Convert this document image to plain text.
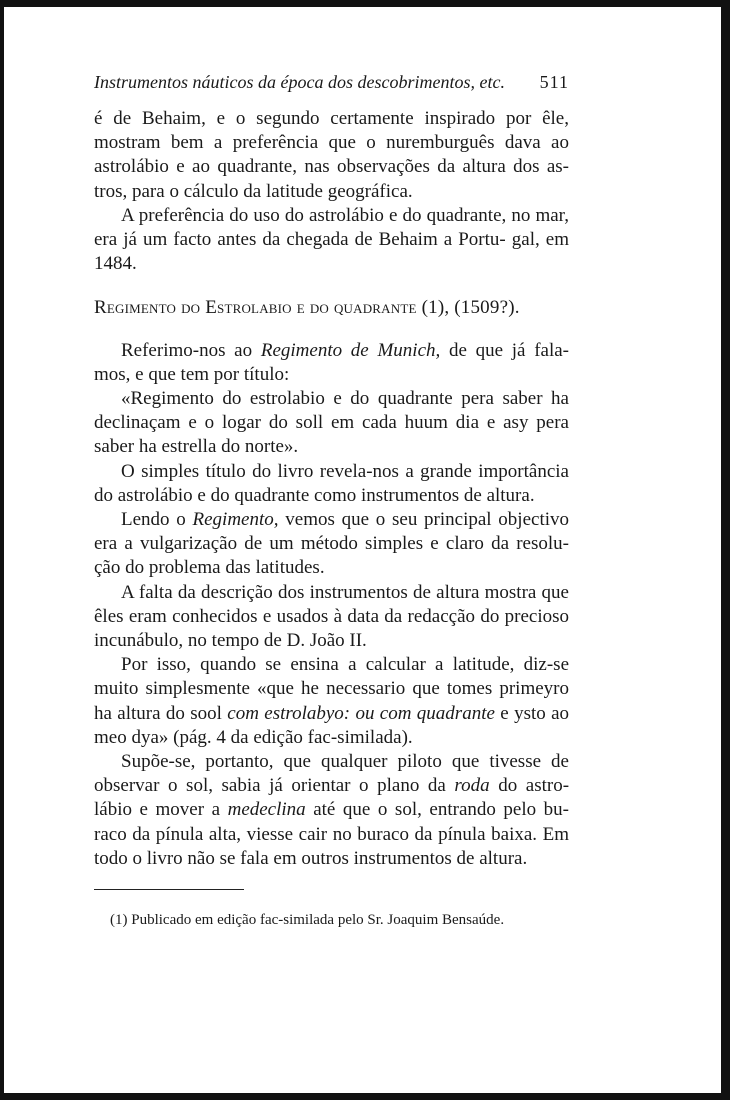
Instrumentos náuticos da época dos descobrimentos, etc. 511

é de Behaim, e o segundo certamente inspirado por êle,

mostram bem a preferência que o nuremburguês dava ao

astrolábio e ao quadrante, nas observações da altura dos as-

tros, para o cálculo da latitude geográfica.

A preferência do uso do astrolábio e do quadrante, no mar, era já um facto antes da chegada de Behaim a Portu- gal, em 1484.

Regimento do Estrolabio e do quadrante (1), (1509?).

Referimo-nos ao Regimento de Munich, de que já fala- mos, e que tem por título:

«Regimento do estrolabio e do quadrante pera saber ha declinaçam e o logar do soll em cada huum dia e asy pera saber ha estrella do norte».

O simples título do livro revela-nos a grande importância do astrolábio e do quadrante como instrumentos de altura.

Lendo o Regimento, vemos que o seu principal objectivo era a vulgarização de um método simples e claro da resolu- ção do problema das latitudes.

A falta da descrição dos instrumentos de altura mostra que êles eram conhecidos e usados à data da redacção do precioso incunábulo, no tempo de D. João II.

Por isso, quando se ensina a calcular a latitude, diz-se muito simplesmente «que he necessario que tomes primeyro ha altura do sool com estrolabyo: ou com quadrante e ysto ao meo dya» (pág. 4 da edição fac-similada).

Supõe-se, portanto, que qualquer piloto que tivesse de observar o sol, sabia já orientar o plano da roda do astro- lábio e mover a medeclina até que o sol, entrando pelo bu- raco da pínula alta, viesse cair no buraco da pínula baixa. Em todo o livro não se fala em outros instrumentos de altura.

(1) Publicado em edição fac-similada pelo Sr. Joaquim Bensaúde.
